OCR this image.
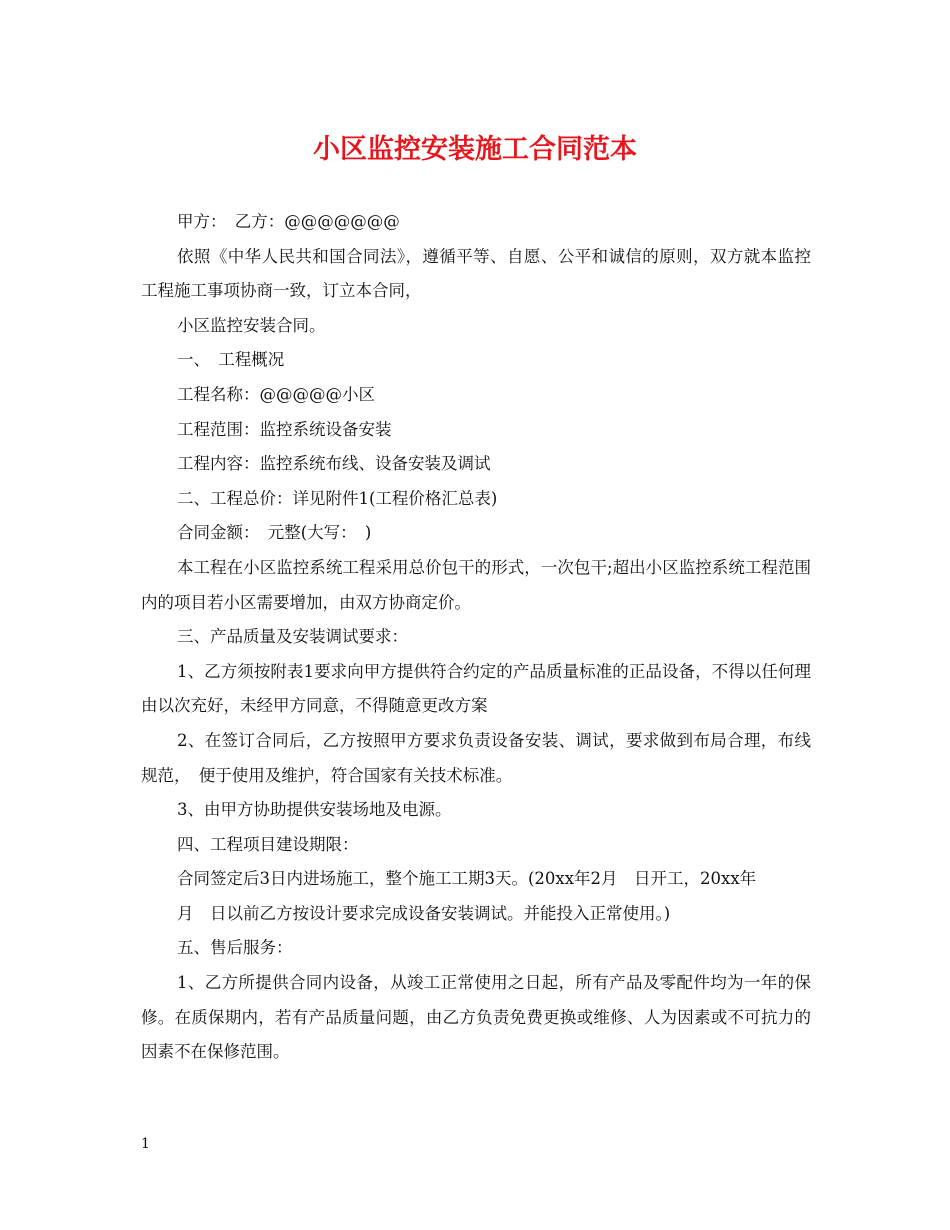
小区监控安装施工合同范本

甲方：　乙方：@@@@@@@

依照《中华人民共和国合同法》，遵循平等、自愿、公平和诚信的原则，双方就本监控工程施工事项协商一致，订立本合同，

小区监控安装合同。

一、　工程概况

工程名称：@@@@@小区

工程范围：监控系统设备安装

工程内容：监控系统布线、设备安装及调试

二、工程总价：详见附件1(工程价格汇总表)

合同金额：　元整(大写：　)

本工程在小区监控系统工程采用总价包干的形式，一次包干;超出小区监控系统工程范围内的项目若小区需要增加，由双方协商定价。

三、产品质量及安装调试要求：

1、乙方须按附表1要求向甲方提供符合约定的产品质量标准的正品设备，不得以任何理由以次充好，未经甲方同意，不得随意更改方案

2、在签订合同后，乙方按照甲方要求负责设备安装、调试，要求做到布局合理，布线规范，　便于使用及维护，符合国家有关技术标准。

3、由甲方协助提供安装场地及电源。

四、工程项目建设期限：

合同签定后3日内进场施工，整个施工工期3天。(20xx年2月　日开工，20xx年

月　日以前乙方按设计要求完成设备安装调试。并能投入正常使用。)

五、售后服务：

1、乙方所提供合同内设备，从竣工正常使用之日起，所有产品及零配件均为一年的保修。在质保期内，若有产品质量问题，由乙方负责免费更换或维修、人为因素或不可抗力的因素不在保修范围。

1
